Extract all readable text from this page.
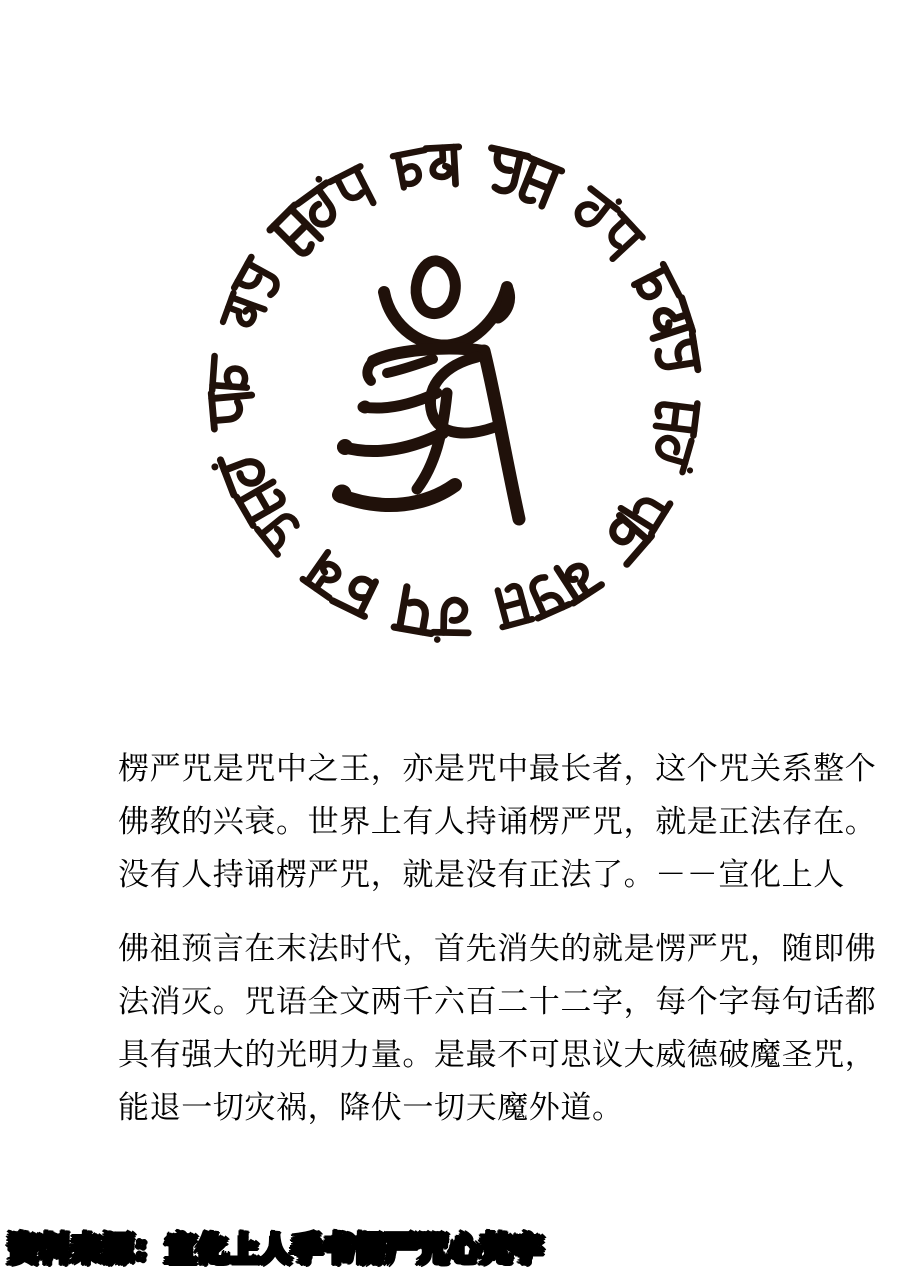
楞严咒是咒中之王，亦是咒中最长者，这个咒关系整个
佛教的兴衰。世界上有人持诵楞严咒，就是正法存在。
没有人持诵楞严咒，就是没有正法了。－－宣化上人
佛祖预言在末法时代，首先消失的就是愣严咒，随即佛
法消灭。咒语全文两千六百二十二字，每个字每句话都
具有强大的光明力量。是最不可思议大威德破魔圣咒，
能退一切灾祸，降伏一切天魔外道。
资料来源：宣化上人手书愣严咒心梵字
